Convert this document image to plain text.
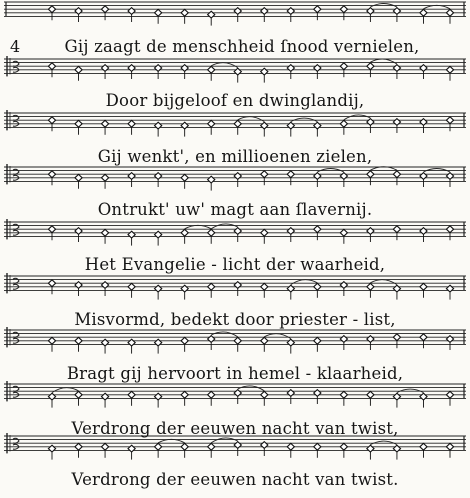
4	Gij zaagt de menschheid ſnood vernielen,
Door bijgeloof en dwinglandij,
Gij wenkt', en millioenen zielen,
Ontrukt' uw' magt aan ſlavernij.
Het Evangelie - licht der waarheid,
Misvormd, bedekt door priester - list,
Bragt gij hervoort in hemel - klaarheid,
Verdrong der eeuwen nacht van twist,
Verdrong der eeuwen nacht van twist.
